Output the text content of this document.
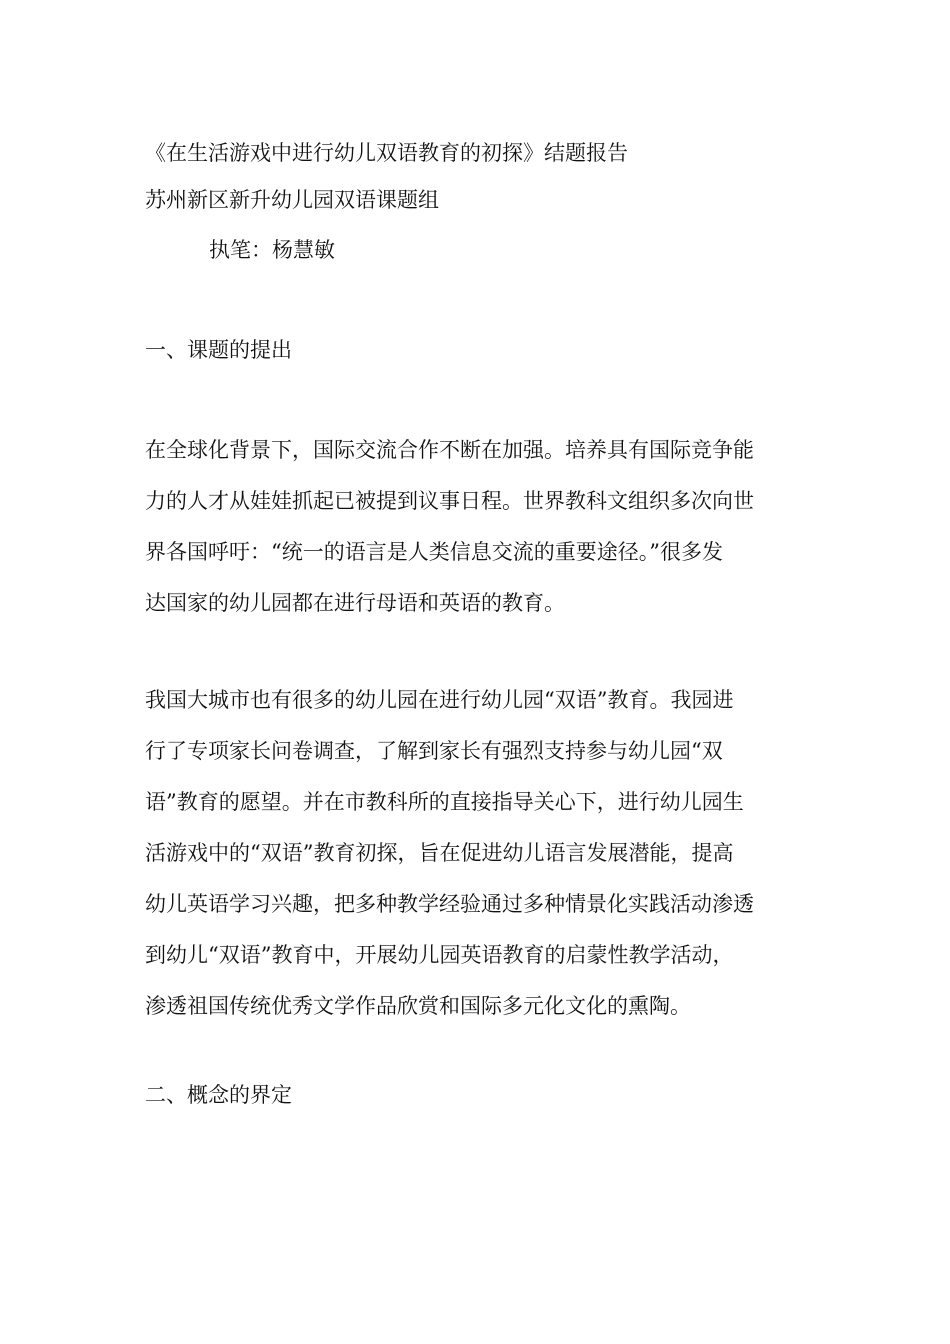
《在生活游戏中进行幼儿双语教育的初探》结题报告
苏州新区新升幼儿园双语课题组
执笔：杨慧敏
一、课题的提出
在全球化背景下，国际交流合作不断在加强。培养具有国际竞争能
力的人才从娃娃抓起已被提到议事日程。世界教科文组织多次向世
界各国呼吁：“统一的语言是人类信息交流的重要途径。”很多发
达国家的幼儿园都在进行母语和英语的教育。
我国大城市也有很多的幼儿园在进行幼儿园“双语”教育。我园进
行了专项家长问卷调查，了解到家长有强烈支持参与幼儿园“双
语”教育的愿望。并在市教科所的直接指导关心下，进行幼儿园生
活游戏中的“双语”教育初探，旨在促进幼儿语言发展潜能，提高
幼儿英语学习兴趣，把多种教学经验通过多种情景化实践活动渗透
到幼儿“双语”教育中，开展幼儿园英语教育的启蒙性教学活动，
渗透祖国传统优秀文学作品欣赏和国际多元化文化的熏陶。
二、概念的界定
